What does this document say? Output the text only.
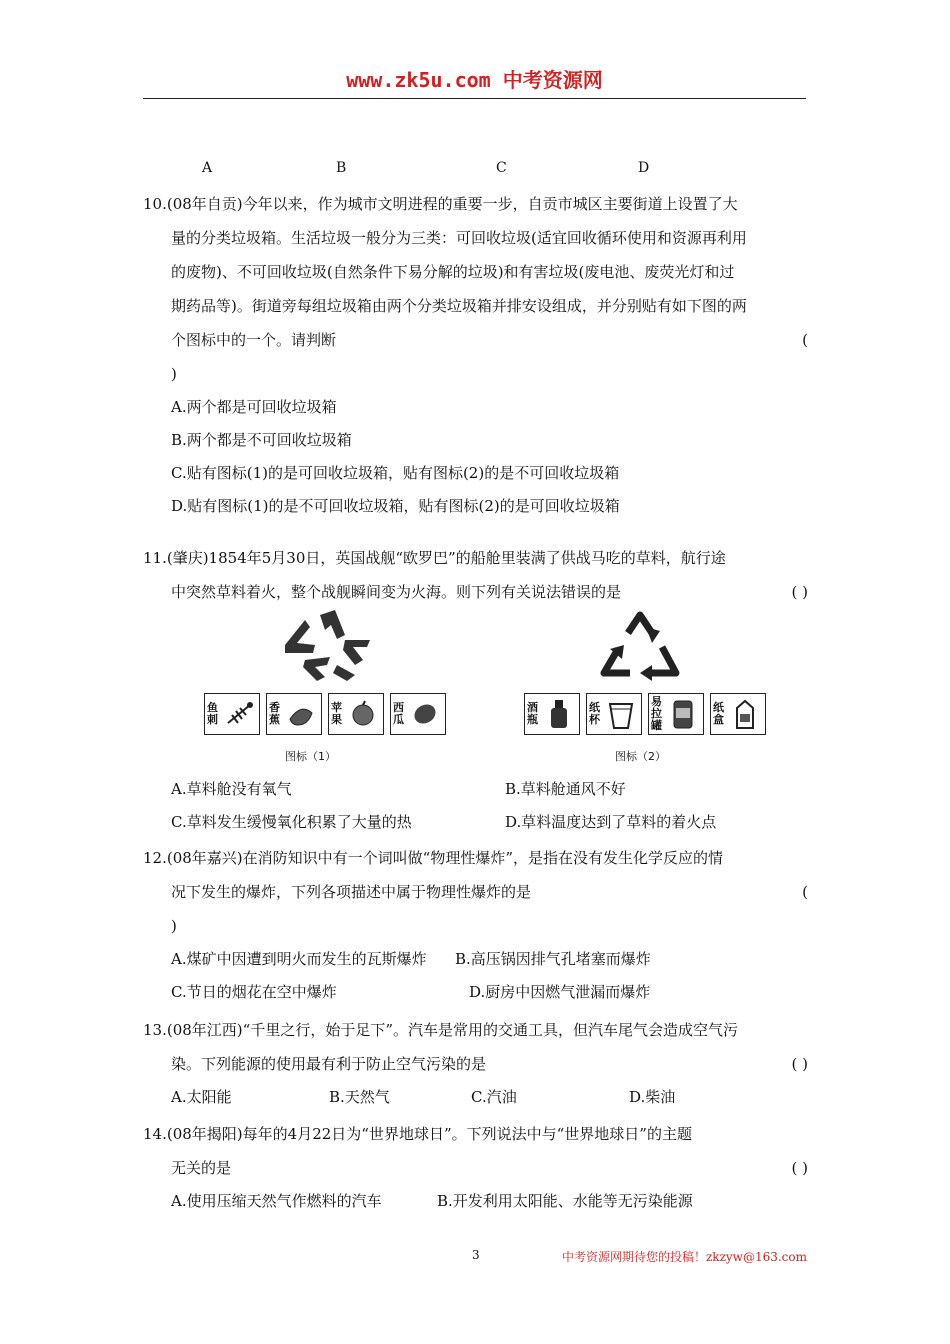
www.zk5u.com 中考资源网
A	B	C	D

10.(08年自贡)今年以来，作为城市文明进程的重要一步，自贡市城区主要街道上设置了大

量的分类垃圾箱。生活垃圾一般分为三类：可回收垃圾(适宜回收循环使用和资源再利用

的废物)、不可回收垃圾(自然条件下易分解的垃圾)和有害垃圾(废电池、废荧光灯和过

期药品等)。街道旁每组垃圾箱由两个分类垃圾箱并排安设组成，并分别贴有如下图的两

个图标中的一个。请判断	(

)

A.两个都是可回收垃圾箱

B.两个都是不可回收垃圾箱

C.贴有图标(1)的是可回收垃圾箱，贴有图标(2)的是不可回收垃圾箱

D.贴有图标(1)的是不可回收垃圾箱，贴有图标(2)的是可回收垃圾箱

11.(肇庆)1854年5月30日，英国战舰“欧罗巴”的船舱里装满了供战马吃的草料，航行途

中突然草料着火，整个战舰瞬间变为火海。则下列有关说法错误的是	( )

鱼刺
香蕉
苹果
西瓜
图标（1）
酒瓶
纸杯
易拉罐
纸盒
图标（2）
A.草料舱没有氧气	B.草料舱通风不好
C.草料发生缓慢氧化积累了大量的热	D.草料温度达到了草料的着火点

12.(08年嘉兴)在消防知识中有一个词叫做“物理性爆炸”，是指在没有发生化学反应的情

况下发生的爆炸，下列各项描述中属于物理性爆炸的是	(

)

A.煤矿中因遭到明火而发生的瓦斯爆炸 B.高压锅因排气孔堵塞而爆炸
C.节日的烟花在空中爆炸	D.厨房中因燃气泄漏而爆炸

13.(08年江西)“千里之行，始于足下”。汽车是常用的交通工具，但汽车尾气会造成空气污

染。下列能源的使用最有利于防止空气污染的是	( )

A.太阳能	B.天然气	C.汽油	D.柴油

14.(08年揭阳)每年的4月22日为“世界地球日”。下列说法中与“世界地球日”的主题

无关的是	( )

A.使用压缩天然气作燃料的汽车	B.开发利用太阳能、水能等无污染能源
3	中考资源网期待您的投稿！zkzyw@163.com
